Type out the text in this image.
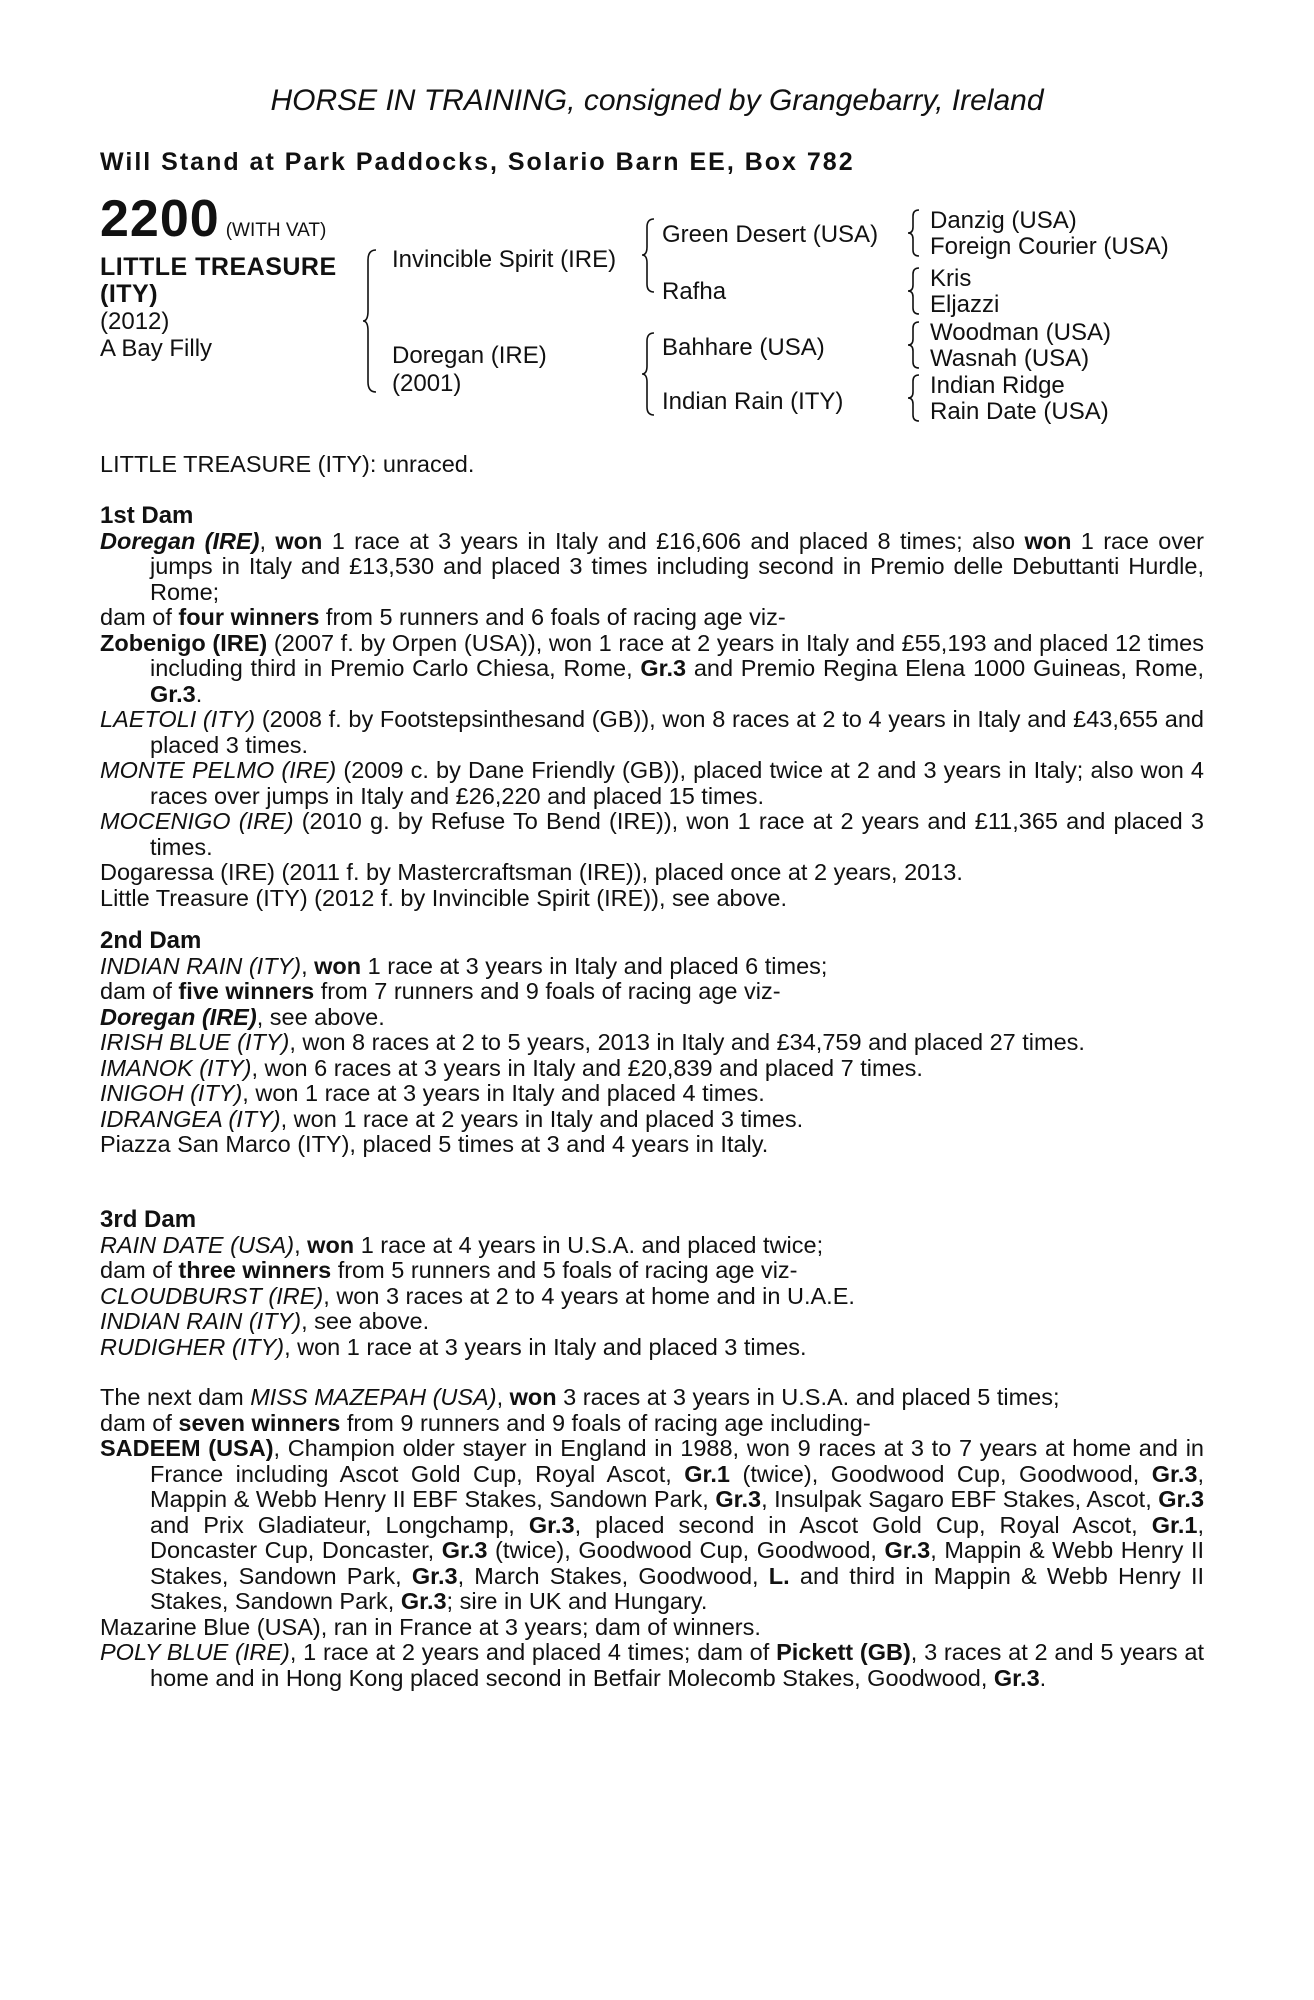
HORSE IN TRAINING, consigned by Grangebarry, Ireland
Will Stand at Park Paddocks, Solario Barn EE, Box 782
2200 (WITH VAT)
LITTLE TREASURE
(ITY)
(2012)
A Bay Filly
Invincible Spirit (IRE)
Doregan (IRE)
(2001)
Green Desert (USA)
Rafha
Bahhare (USA)
Indian Rain (ITY)
Danzig (USA)
Foreign Courier (USA)
Kris
Eljazzi
Woodman (USA)
Wasnah (USA)
Indian Ridge
Rain Date (USA)
LITTLE TREASURE (ITY): unraced.
1st Dam

Doregan (IRE), won 1 race at 3 years in Italy and £16,606 and placed 8 times; also won 1 race over jumps in Italy and £13,530 and placed 3 times including second in Premio delle Debuttanti Hurdle, Rome;

dam of four winners from 5 runners and 6 foals of racing age viz-

Zobenigo (IRE) (2007 f. by Orpen (USA)), won 1 race at 2 years in Italy and £55,193 and placed 12 times including third in Premio Carlo Chiesa, Rome, Gr.3 and Premio Regina Elena 1000 Guineas, Rome, Gr.3.

LAETOLI (ITY) (2008 f. by Footstepsinthesand (GB)), won 8 races at 2 to 4 years in Italy and £43,655 and placed 3 times.

MONTE PELMO (IRE) (2009 c. by Dane Friendly (GB)), placed twice at 2 and 3 years in Italy; also won 4 races over jumps in Italy and £26,220 and placed 15 times.

MOCENIGO (IRE) (2010 g. by Refuse To Bend (IRE)), won 1 race at 2 years and £11,365 and placed 3 times.

Dogaressa (IRE) (2011 f. by Mastercraftsman (IRE)), placed once at 2 years, 2013.

Little Treasure (ITY) (2012 f. by Invincible Spirit (IRE)), see above.

2nd Dam

INDIAN RAIN (ITY), won 1 race at 3 years in Italy and placed 6 times;

dam of five winners from 7 runners and 9 foals of racing age viz-

Doregan (IRE), see above.

IRISH BLUE (ITY), won 8 races at 2 to 5 years, 2013 in Italy and £34,759 and placed 27 times.

IMANOK (ITY), won 6 races at 3 years in Italy and £20,839 and placed 7 times.

INIGOH (ITY), won 1 race at 3 years in Italy and placed 4 times.

IDRANGEA (ITY), won 1 race at 2 years in Italy and placed 3 times.

Piazza San Marco (ITY), placed 5 times at 3 and 4 years in Italy.

3rd Dam

RAIN DATE (USA), won 1 race at 4 years in U.S.A. and placed twice;

dam of three winners from 5 runners and 5 foals of racing age viz-

CLOUDBURST (IRE), won 3 races at 2 to 4 years at home and in U.A.E.

INDIAN RAIN (ITY), see above.

RUDIGHER (ITY), won 1 race at 3 years in Italy and placed 3 times.

The next dam MISS MAZEPAH (USA), won 3 races at 3 years in U.S.A. and placed 5 times;

dam of seven winners from 9 runners and 9 foals of racing age including-

SADEEM (USA), Champion older stayer in England in 1988, won 9 races at 3 to 7 years at home and in France including Ascot Gold Cup, Royal Ascot, Gr.1 (twice), Goodwood Cup, Goodwood, Gr.3, Mappin & Webb Henry II EBF Stakes, Sandown Park, Gr.3, Insulpak Sagaro EBF Stakes, Ascot, Gr.3 and Prix Gladiateur, Longchamp, Gr.3, placed second in Ascot Gold Cup, Royal Ascot, Gr.1, Doncaster Cup, Doncaster, Gr.3 (twice), Goodwood Cup, Goodwood, Gr.3, Mappin & Webb Henry II Stakes, Sandown Park, Gr.3, March Stakes, Goodwood, L. and third in Mappin & Webb Henry II Stakes, Sandown Park, Gr.3; sire in UK and Hungary.

Mazarine Blue (USA), ran in France at 3 years; dam of winners.

POLY BLUE (IRE), 1 race at 2 years and placed 4 times; dam of Pickett (GB), 3 races at 2 and 5 years at home and in Hong Kong placed second in Betfair Molecomb Stakes, Goodwood, Gr.3.
